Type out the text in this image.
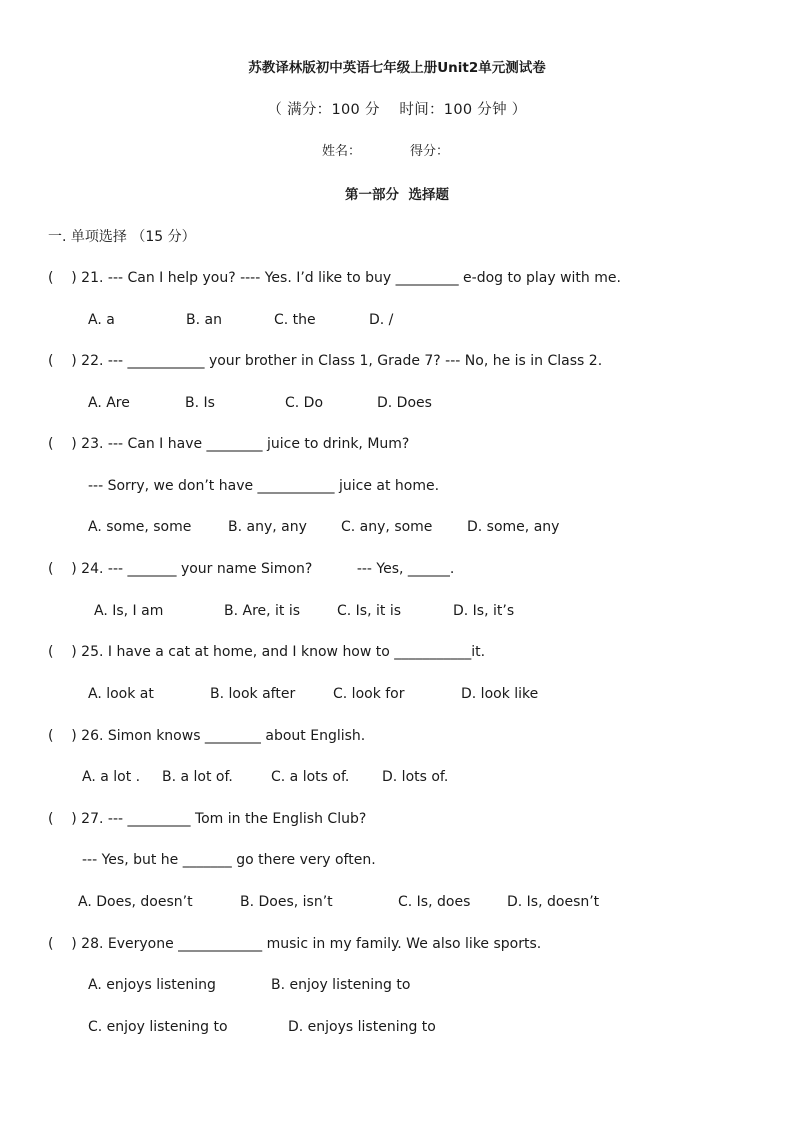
苏教译林版初中英语七年级上册Unit2单元测试卷
（ 满分：100 分    时间：100 分钟 ）
姓名：	得分：
第一部分  选择题
一. 单项选择 （15 分）
(    ) 21. --- Can I help you? ---- Yes. I’d like to buy _________ e-dog to play with me.
A. a	B. an	C. the	D. /
(    ) 22. --- ___________ your brother in Class 1, Grade 7? --- No, he is in Class 2.
A. Are	B. Is	C. Do	D. Does
(    ) 23. --- Can I have ________ juice to drink, Mum?
--- Sorry, we don’t have ___________ juice at home.
A. some, some	B. any, any C. any, some D. some, any
(    ) 24. --- _______ your name Simon?          --- Yes, ______.
A. Is, I am	B. Are, it is	C. Is, it is	D. Is, it’s
(    ) 25. I have a cat at home, and I know how to ___________it.
A. look at	B. look after	C. look for	D. look like
(    ) 26. Simon knows ________ about English.
A. a lot . B. a lot of.	C. a lots of. D. lots of.
(    ) 27. --- _________ Tom in the English Club?
--- Yes, but he _______ go there very often.
A. Does, doesn’t	B. Does, isn’t	C. Is, does	D. Is, doesn’t
(    ) 28. Everyone ____________ music in my family. We also like sports.
A. enjoys listening	B. enjoy listening to
C. enjoy listening to	D. enjoys listening to
